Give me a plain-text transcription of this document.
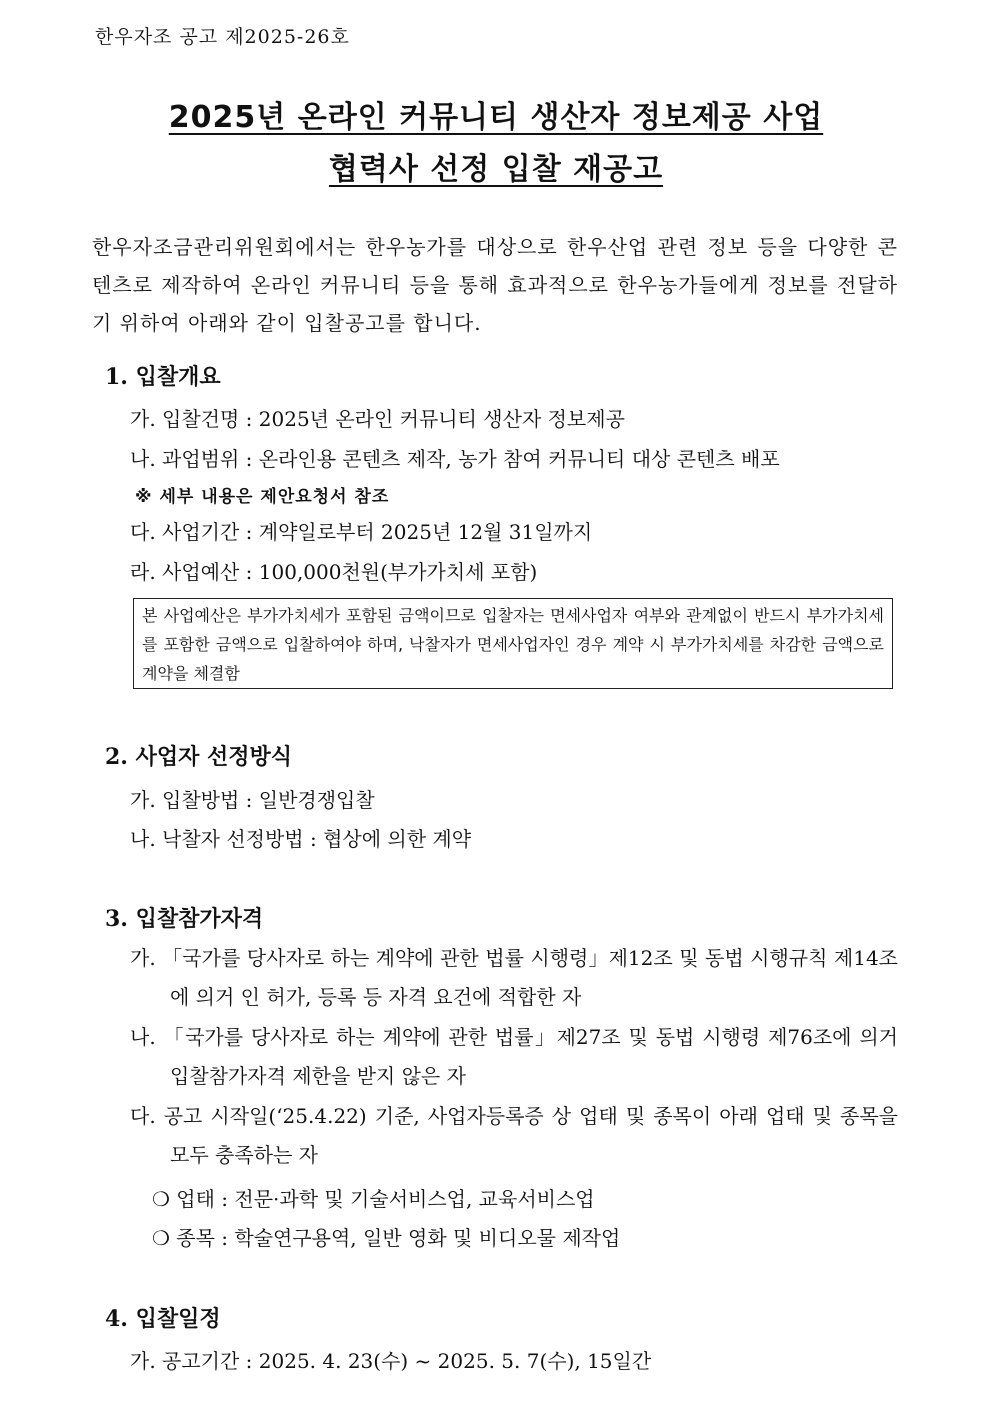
한우자조 공고 제2025-26호
2025년 온라인 커뮤니티 생산자 정보제공 사업
협력사 선정 입찰 재공고
한우자조금관리위원회에서는 한우농가를 대상으로 한우산업 관련 정보 등을 다양한 콘텐츠로 제작하여 온라인 커뮤니티 등을 통해 효과적으로 한우농가들에게 정보를 전달하기 위하여 아래와 같이 입찰공고를 합니다.
1. 입찰개요
가. 입찰건명 : 2025년 온라인 커뮤니티 생산자 정보제공
나. 과업범위 : 온라인용 콘텐츠 제작, 농가 참여 커뮤니티 대상 콘텐츠 배포
※ 세부 내용은 제안요청서 참조
다. 사업기간 : 계약일로부터 2025년 12월 31일까지
라. 사업예산 : 100,000천원(부가가치세 포함)
본 사업예산은 부가가치세가 포함된 금액이므로 입찰자는 면세사업자 여부와 관계없이 반드시 부가가치세를 포함한 금액으로 입찰하여야 하며, 낙찰자가 면세사업자인 경우 계약 시 부가가치세를 차감한 금액으로 계약을 체결함
2. 사업자 선정방식
가. 입찰방법 : 일반경쟁입찰
나. 낙찰자 선정방법 : 협상에 의한 계약
3. 입찰참가자격
가. 「국가를 당사자로 하는 계약에 관한 법률 시행령」제12조 및 동법 시행규칙 제14조에 의거 인 허가, 등록 등 자격 요건에 적합한 자
나. 「국가를 당사자로 하는 계약에 관한 법률」제27조 및 동법 시행령 제76조에 의거 입찰참가자격 제한을 받지 않은 자
다. 공고 시작일(‘25.4.22) 기준, 사업자등록증 상 업태 및 종목이 아래 업태 및 종목을 모두 충족하는 자
❍ 업태 : 전문·과학 및 기술서비스업, 교육서비스업
❍ 종목 : 학술연구용역, 일반 영화 및 비디오물 제작업
4. 입찰일정
가. 공고기간 : 2025. 4. 23(수) ~ 2025. 5. 7(수), 15일간
